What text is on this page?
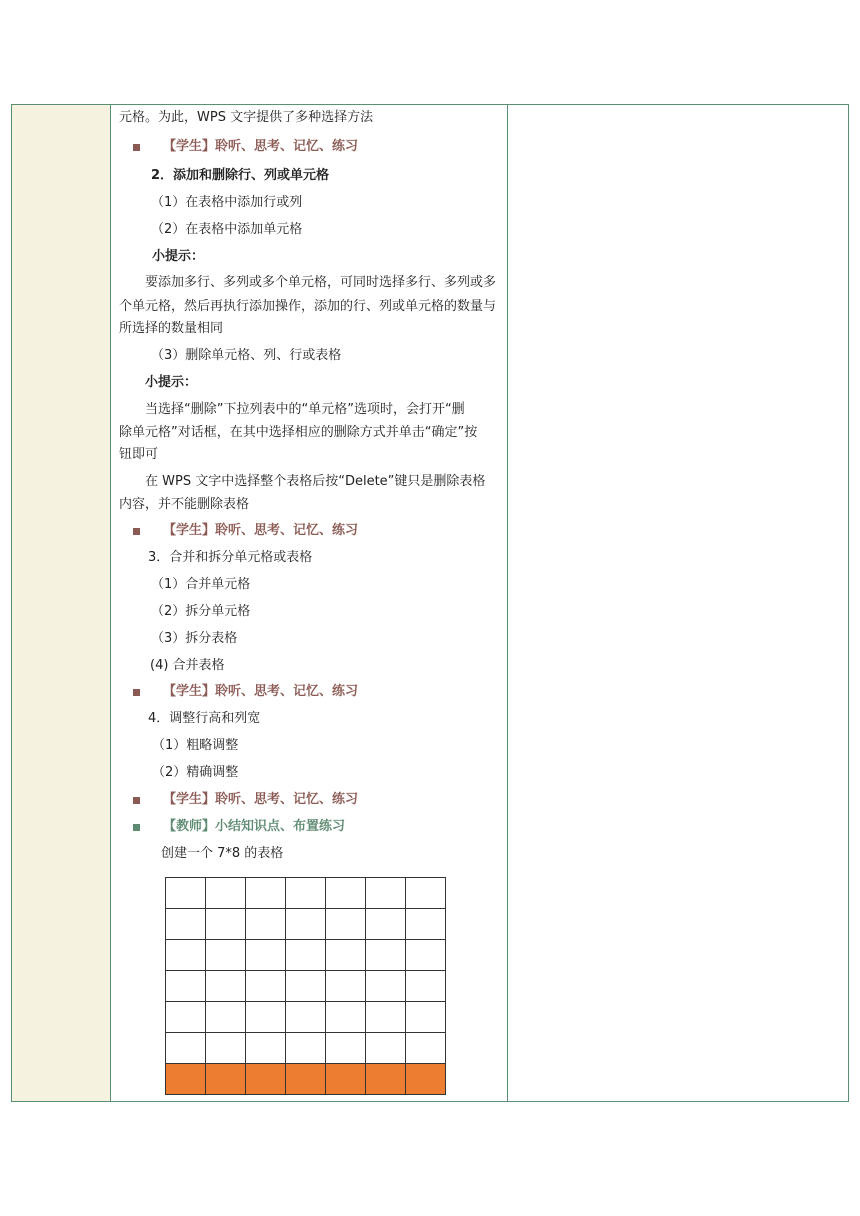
元格。为此，WPS 文字提供了多种选择方法
【学生】聆听、思考、记忆、练习
2．添加和删除行、列或单元格
（1）在表格中添加行或列
（2）在表格中添加单元格
小提示：
要添加多行、多列或多个单元格，可同时选择多行、多列或多
个单元格，然后再执行添加操作，添加的行、列或单元格的数量与
所选择的数量相同
（3）删除单元格、列、行或表格
小提示：
当选择“删除”下拉列表中的“单元格”选项时，会打开“删
除单元格”对话框，在其中选择相应的删除方式并单击“确定”按
钮即可
在 WPS 文字中选择整个表格后按“Delete”键只是删除表格
内容，并不能删除表格
【学生】聆听、思考、记忆、练习
3．合并和拆分单元格或表格
（1）合并单元格
（2）拆分单元格
（3）拆分表格
(4) 合并表格
【学生】聆听、思考、记忆、练习
4．调整行高和列宽
（1）粗略调整
（2）精确调整
【学生】聆听、思考、记忆、练习
【教师】小结知识点、布置练习
创建一个 7*8 的表格
